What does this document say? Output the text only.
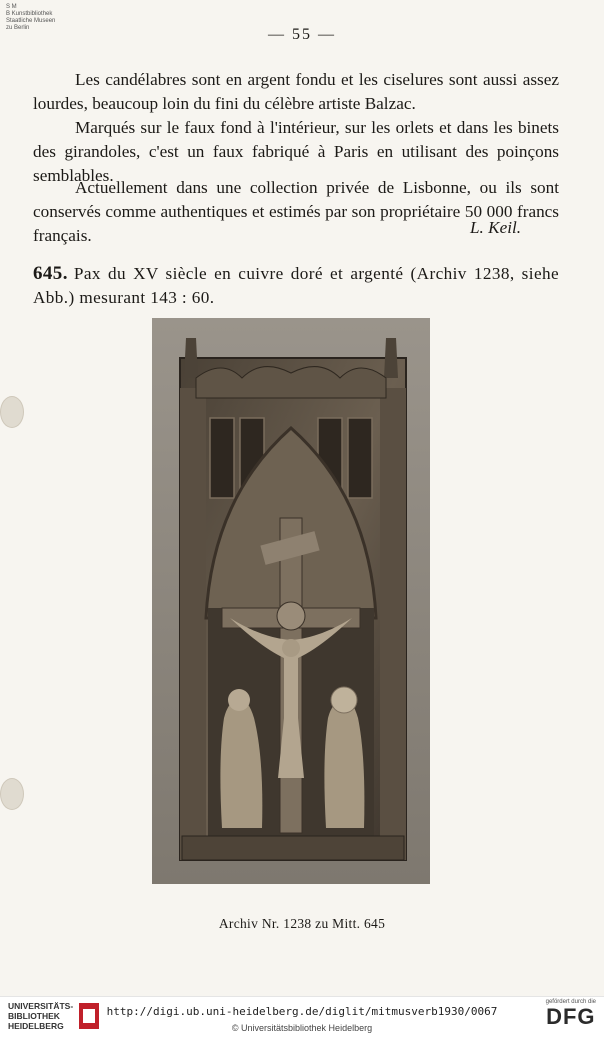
S M
B Kunstbibliothek
Staatliche Museen
zu Berlin	— 55 —

Les candélabres sont en argent fondu et les ciselures sont aussi assez lourdes, beaucoup loin du fini du célèbre artiste Balzac.

Marqués sur le faux fond à l'intérieur, sur les orlets et dans les binets des girandoles, c'est un faux fabriqué à Paris en utilisant des poinçons semblables.

Actuellement dans une collection privée de Lisbonne, ou ils sont conservés comme authentiques et estimés par son propriétaire 50 000 francs français.	L. Keil.

645. Pax du XV siècle en cuivre doré et argenté (Archiv 1238, siehe Abb.) mesurant 143 : 60.

Archiv Nr. 1238 zu Mitt. 645
UNIVERSITÄTS-
BIBLIOTHEK
HEIDELBERG
http://digi.ub.uni-heidelberg.de/diglit/mitmusverb1930/0067
© Universitätsbibliothek Heidelberg
gefördert durch die
DFG
